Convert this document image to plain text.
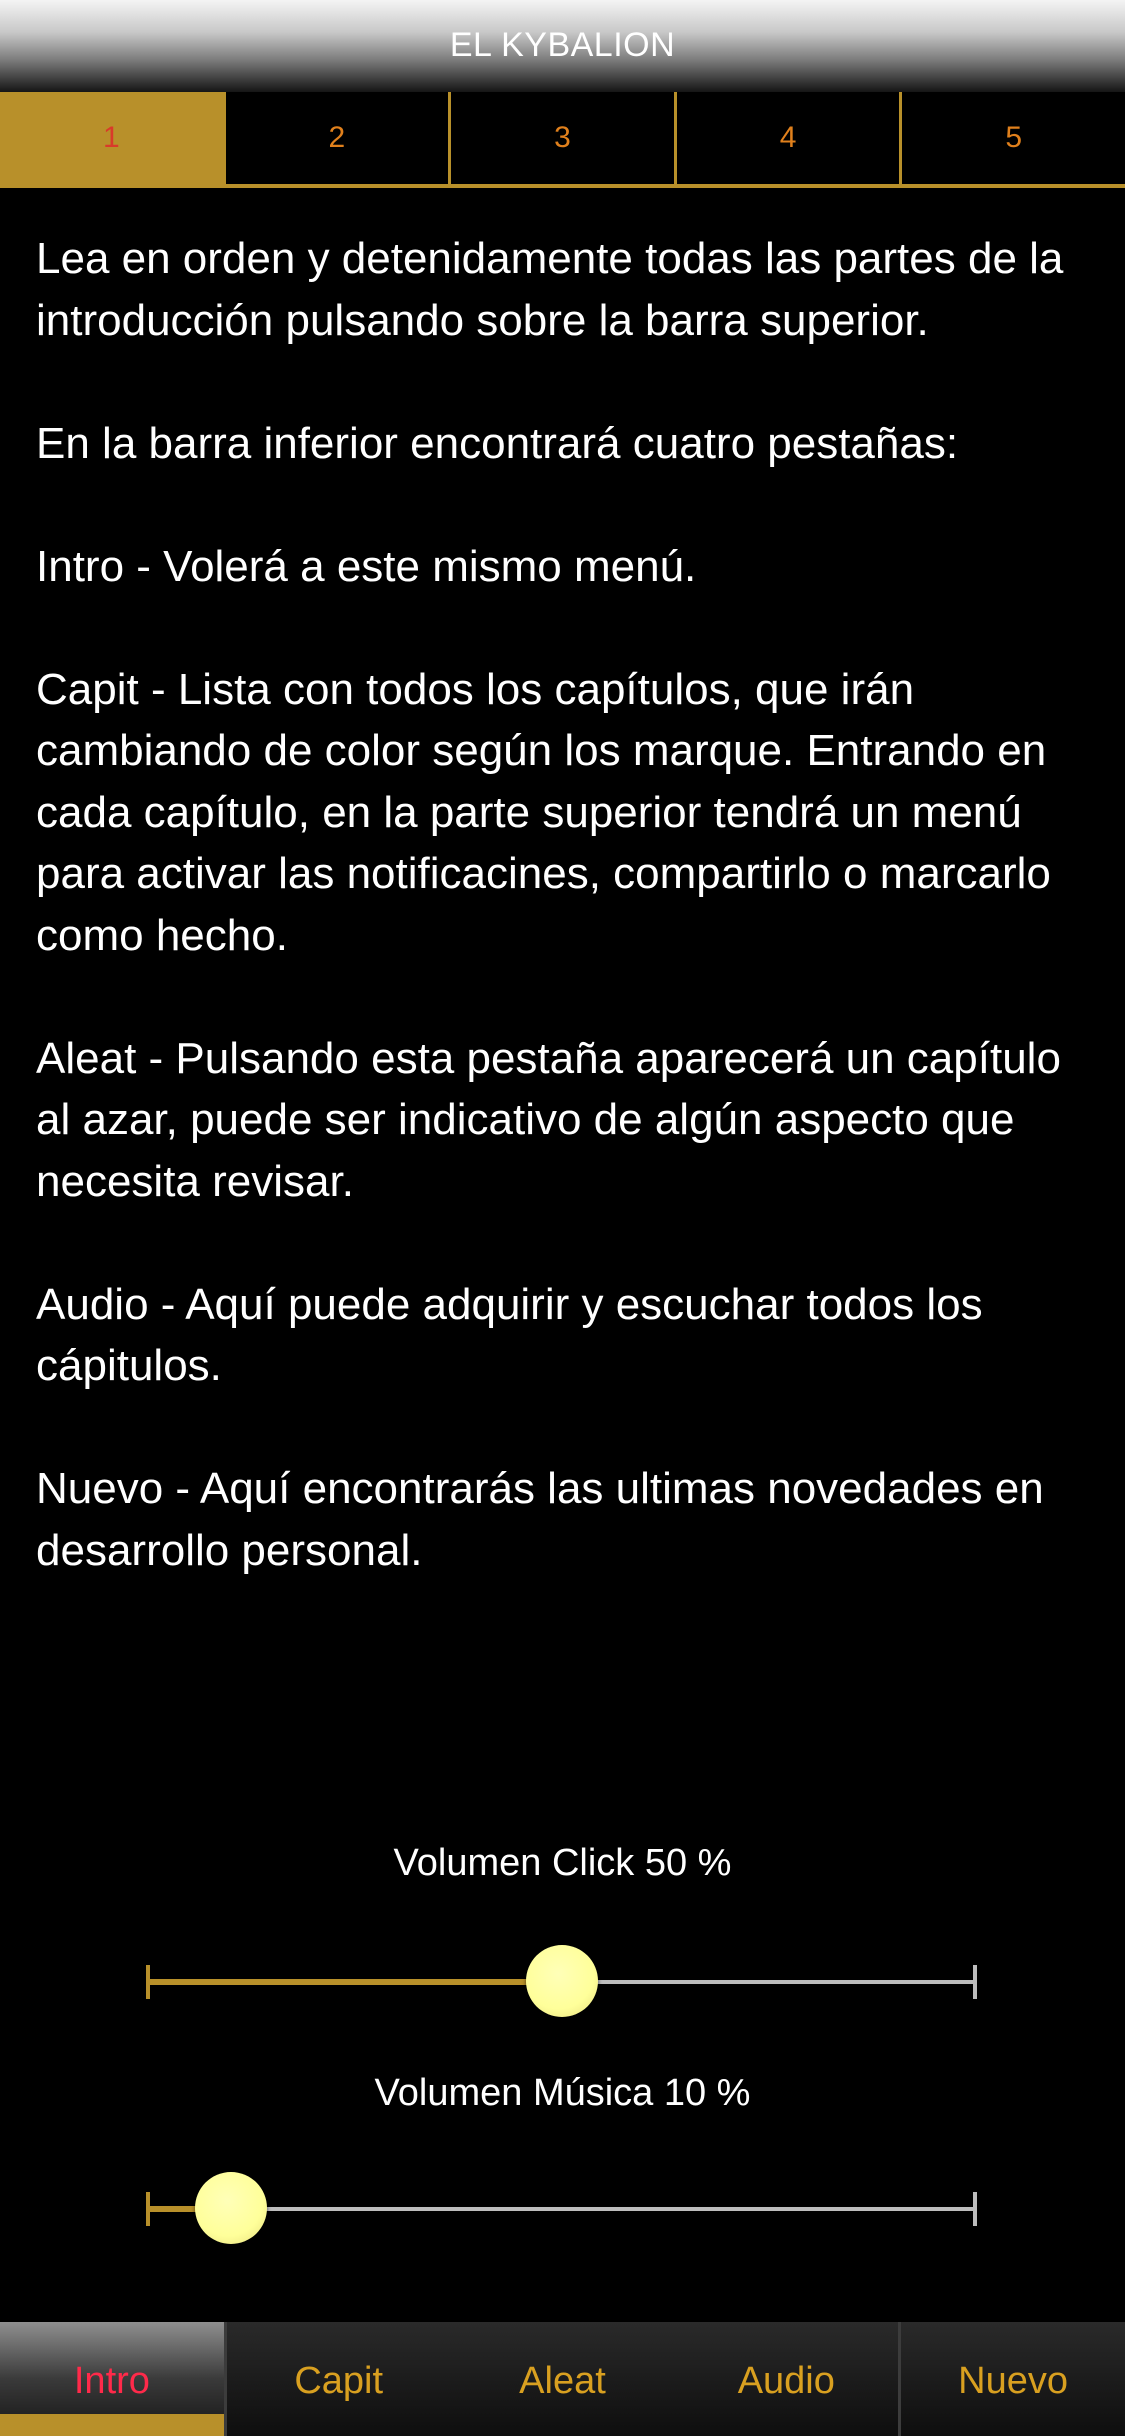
EL KYBALION
1	2	3	4	5

Lea en orden y detenidamente todas las partes de la introducción pulsando sobre la barra superior.

En la barra inferior encontrará cuatro pestañas:

Intro - Volerá a este mismo menú.

Capit - Lista con todos los capítulos, que irán cambiando de color según los marque. Entrando en cada capítulo, en la parte superior tendrá un menú para activar las notificacines, compartirlo o marcarlo como hecho.

Aleat - Pulsando esta pestaña aparecerá un capítulo al azar, puede ser indicativo de algún aspecto que necesita revisar.

Audio - Aquí puede adquirir y escuchar todos los cápitulos.

Nuevo - Aquí encontrarás las ultimas novedades en desarrollo personal.

Volumen Click 50 %
Volumen Música 10 %
Intro	Capit	Aleat	Audio	Nuevo
